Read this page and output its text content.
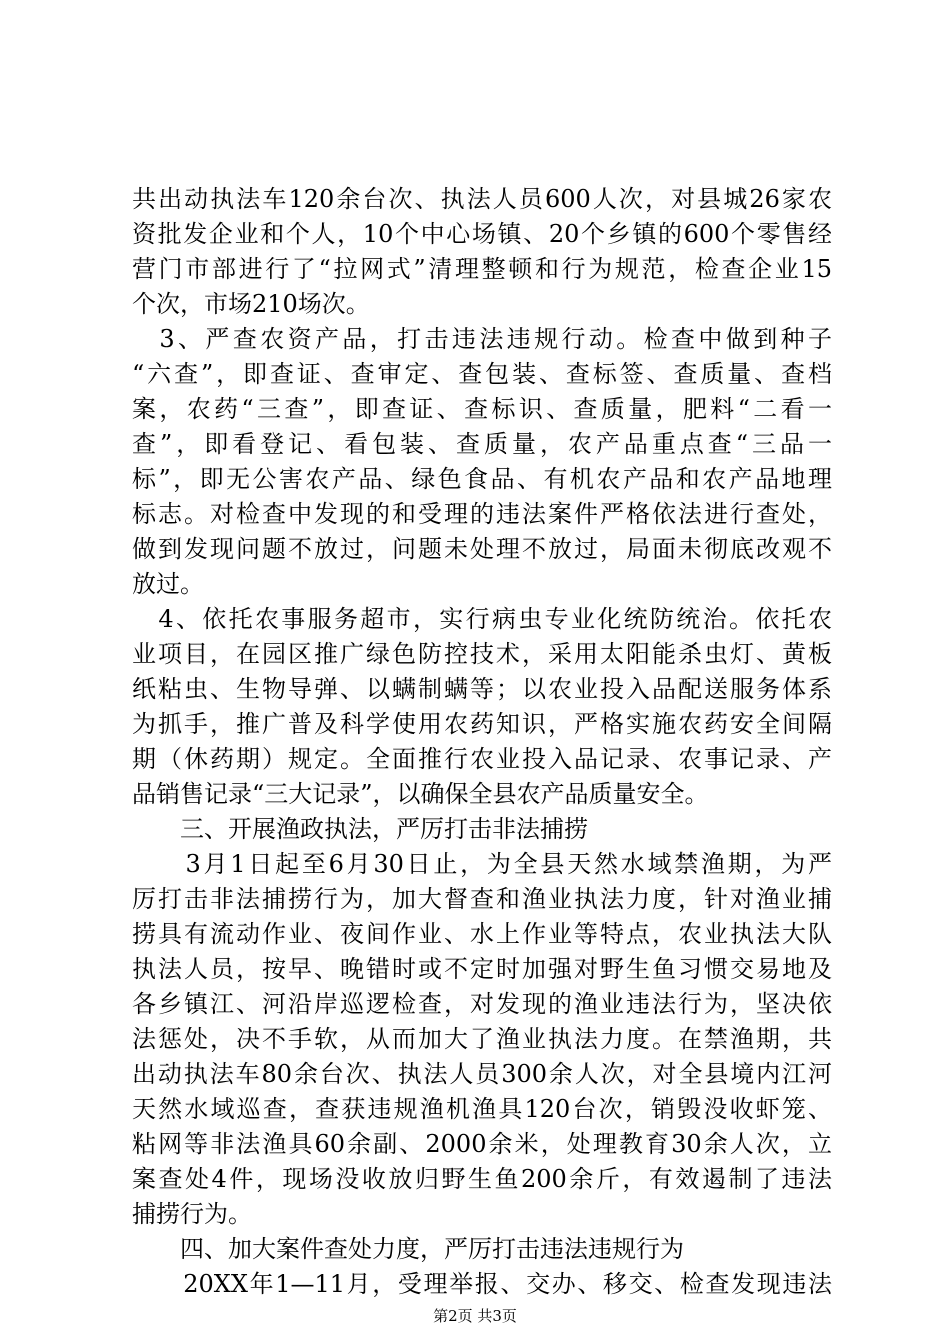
共出动执法车120余台次、执法人员600人次，对县城26家农
资批发企业和个人，10个中心场镇、20个乡镇的600个零售经
营门市部进行了“拉网式”清理整顿和行为规范，检查企业15
个次，市场210场次。
　3、严查农资产品，打击违法违规行动。检查中做到种子
“六查”，即查证、查审定、查包装、查标签、查质量、查档
案，农药“三查”，即查证、查标识、查质量，肥料“二看一
查”，即看登记、看包装、查质量，农产品重点查“三品一
标”，即无公害农产品、绿色食品、有机农产品和农产品地理
标志。对检查中发现的和受理的违法案件严格依法进行查处，
做到发现问题不放过，问题未处理不放过，局面未彻底改观不
放过。
　4、依托农事服务超市，实行病虫专业化统防统治。依托农
业项目，在园区推广绿色防控技术，采用太阳能杀虫灯、黄板
纸粘虫、生物导弹、以螨制螨等；以农业投入品配送服务体系
为抓手，推广普及科学使用农药知识，严格实施农药安全间隔
期（休药期）规定。全面推行农业投入品记录、农事记录、产
品销售记录“三大记录”，以确保全县农产品质量安全。
　　三、开展渔政执法，严厉打击非法捕捞
　　3月1日起至6月30日止，为全县天然水域禁渔期，为严
厉打击非法捕捞行为，加大督查和渔业执法力度，针对渔业捕
捞具有流动作业、夜间作业、水上作业等特点，农业执法大队
执法人员，按早、晚错时或不定时加强对野生鱼习惯交易地及
各乡镇江、河沿岸巡逻检查，对发现的渔业违法行为，坚决依
法惩处，决不手软，从而加大了渔业执法力度。在禁渔期，共
出动执法车80余台次、执法人员300余人次，对全县境内江河
天然水域巡查，查获违规渔机渔具120台次，销毁没收虾笼、
粘网等非法渔具60余副、2000余米，处理教育30余人次，立
案查处4件，现场没收放归野生鱼200余斤，有效遏制了违法
捕捞行为。
　　四、加大案件查处力度，严厉打击违法违规行为
　　20XX年1—11月，受理举报、交办、移交、检查发现违法
第2页 共3页
